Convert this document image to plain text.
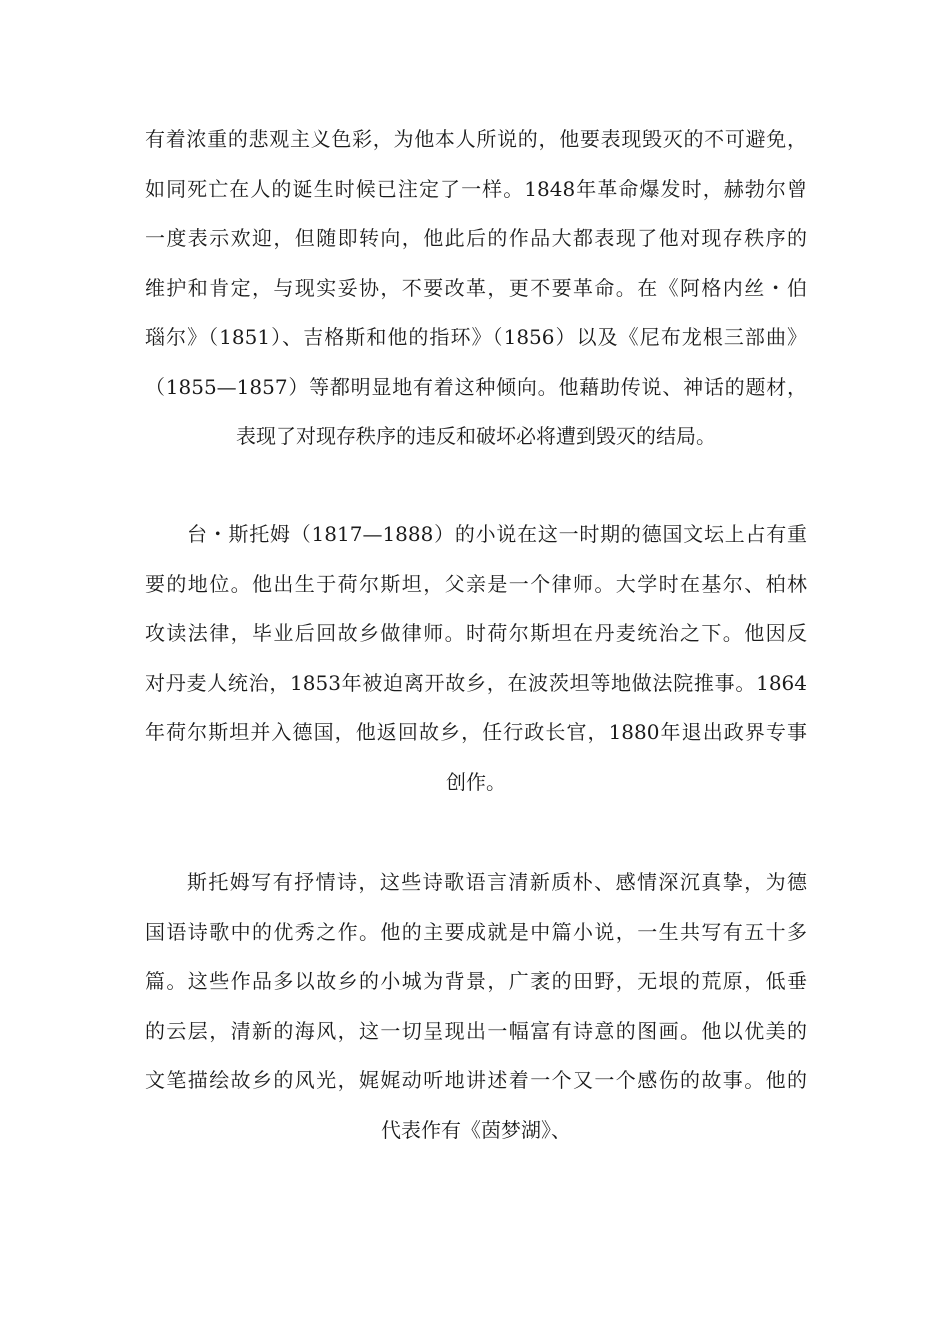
有着浓重的悲观主义色彩，为他本人所说的，他要表现毁灭的不可避免，
如同死亡在人的诞生时候已注定了一样。1848年革命爆发时，赫勃尔曾
一度表示欢迎，但随即转向，他此后的作品大都表现了他对现存秩序的
维护和肯定，与现实妥协，不要改革，更不要革命。在《阿格内丝・伯
瑙尔》（1851）、吉格斯和他的指环》（1856）以及《尼布龙根三部曲》
（1855—1857）等都明显地有着这种倾向。他藉助传说、神话的题材，
表现了对现存秩序的违反和破坏必将遭到毁灭的结局。
台・斯托姆（1817—1888）的小说在这一时期的德国文坛上占有重
要的地位。他出生于荷尔斯坦，父亲是一个律师。大学时在基尔、柏林
攻读法律，毕业后回故乡做律师。时荷尔斯坦在丹麦统治之下。他因反
对丹麦人统治，1853年被迫离开故乡，在波茨坦等地做法院推事。1864
年荷尔斯坦并入德国，他返回故乡，任行政长官，1880年退出政界专事
创作。
斯托姆写有抒情诗，这些诗歌语言清新质朴、感情深沉真挚，为德
国语诗歌中的优秀之作。他的主要成就是中篇小说，一生共写有五十多
篇。这些作品多以故乡的小城为背景，广袤的田野，无垠的荒原，低垂
的云层，清新的海风，这一切呈现出一幅富有诗意的图画。他以优美的
文笔描绘故乡的风光，娓娓动听地讲述着一个又一个感伤的故事。他的
代表作有《茵梦湖》、
